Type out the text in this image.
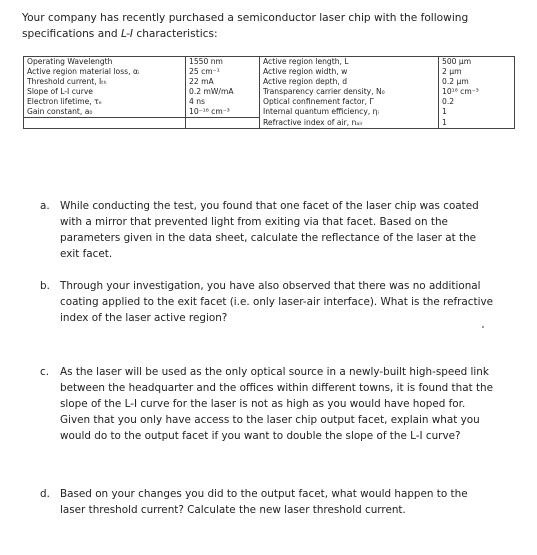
Your company has recently purchased a semiconductor laser chip with the following
specifications and L-I characteristics:
Operating Wavelength	1550 nm	Active region length, L	500 μm
Active region material loss, αᵢ	25 cm⁻¹	Active region width, w	2 μm
Threshold current, Iₜₕ	22 mA	Active region depth, d	0.2 μm
Slope of L-I curve	0.2 mW/mA	Transparency carrier density, N₀	10¹⁸ cm⁻³
Electron lifetime, τₑ	4 ns	Optical confinement factor, Γ	0.2
Gain constant, a₀	10⁻¹⁶ cm⁻³	Internal quantum efficiency, ηᵢ	1
		Refractive index of air, nₐᵢᵣ	1
a. While conducting the test, you found that one facet of the laser chip was coated with a mirror that prevented light from exiting via that facet. Based on the parameters given in the data sheet, calculate the reflectance of the laser at the exit facet.
b. Through your investigation, you have also observed that there was no additional coating applied to the exit facet (i.e. only laser-air interface). What is the refractive index of the laser active region?
c. As the laser will be used as the only optical source in a newly-built high-speed link between the headquarter and the offices within different towns, it is found that the slope of the L-I curve for the laser is not as high as you would have hoped for. Given that you only have access to the laser chip output facet, explain what you would do to the output facet if you want to double the slope of the L-I curve?
d. Based on your changes you did to the output facet, what would happen to the laser threshold current? Calculate the new laser threshold current.
